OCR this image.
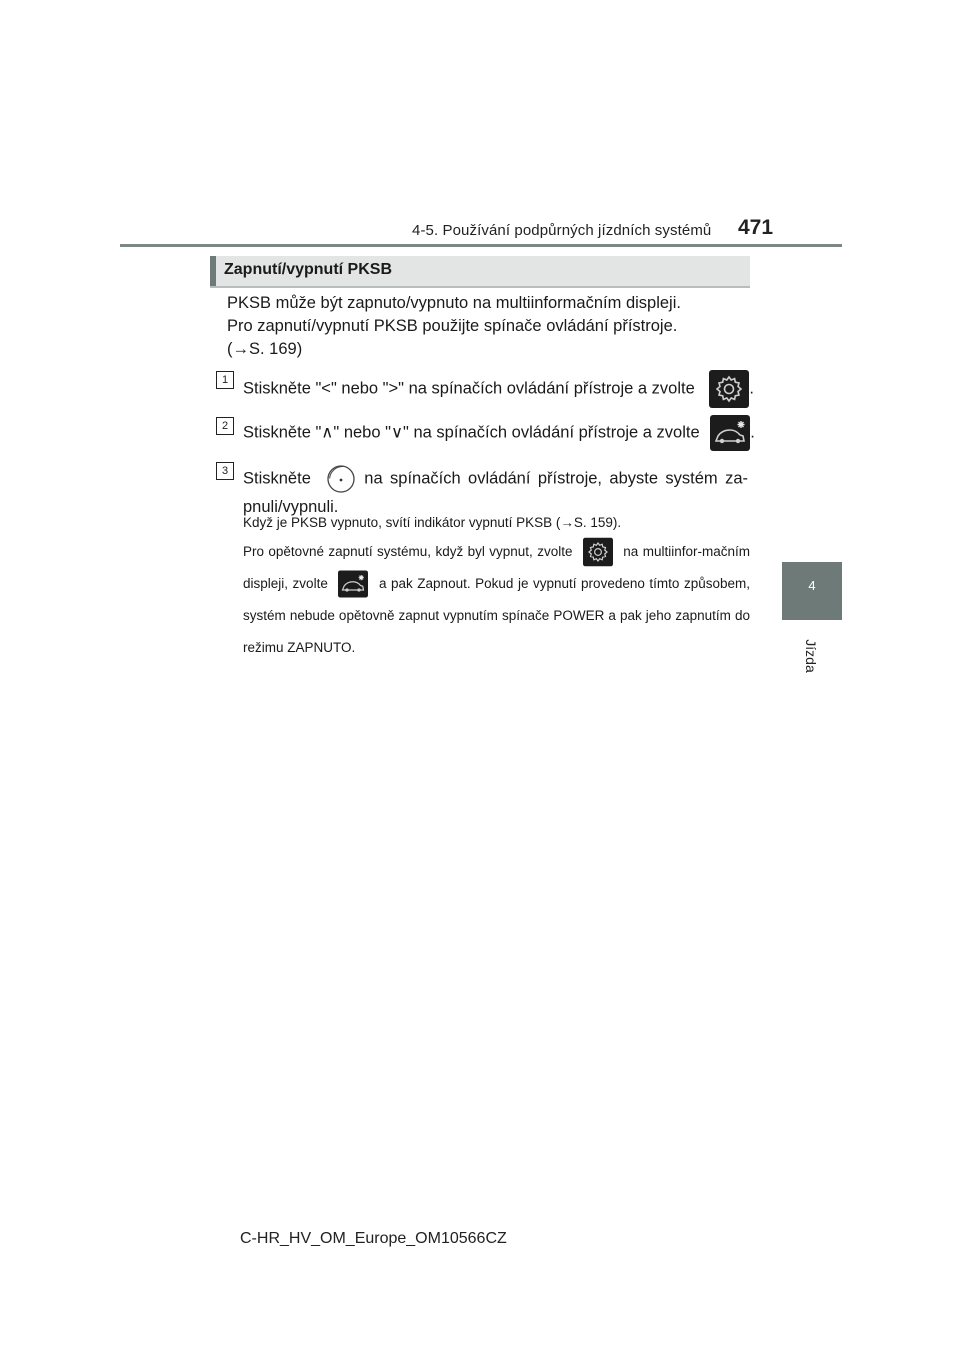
4-5. Používání podpůrných jízdních systémů 471
4
Jízda
Zapnutí/vypnutí PKSB
PKSB může být zapnuto/vypnuto na multiinformačním displeji.
Pro zapnutí/vypnutí PKSB použijte spínače ovládání přístroje.
(→S. 169)
1 Stiskněte "<" nebo ">" na spínačích ovládání přístroje a zvolte	.
2 Stiskněte "∧" nebo "∨" na spínačích ovládání přístroje a zvolte	.
3 Stiskněte	na spínačích ovládání přístroje, abyste systém za-pnuli/vypnuli.
Když je PKSB vypnuto, svítí indikátor vypnutí PKSB (→S. 159).
Pro opětovné zapnutí systému, když byl vypnut, zvolte	na multiinfor-mačním displeji, zvolte	a pak Zapnout. Pokud je vypnutí provedeno tímto způsobem, systém nebude opětovně zapnut vypnutím spínače POWER a pak jeho zapnutím do režimu ZAPNUTO.
C-HR_HV_OM_Europe_OM10566CZ
